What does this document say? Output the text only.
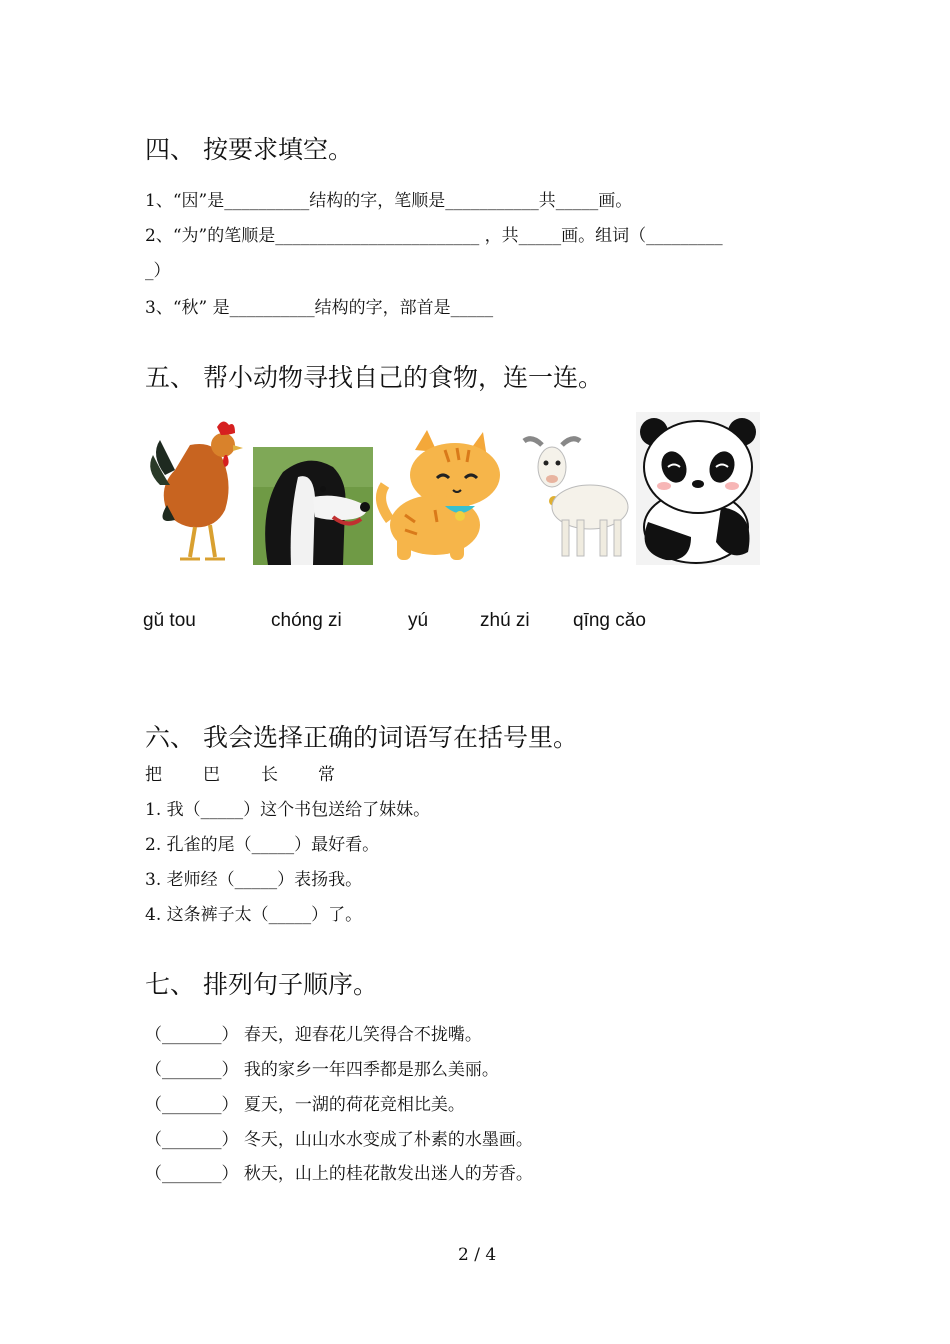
四、 按要求填空。
1、“因”是__________结构的字，笔顺是___________共_____画。
2、“为”的笔顺是________________________ ，共_____画。组词（_________
_）
3、“秋” 是__________结构的字，部首是_____
五、 帮小动物寻找自己的食物，连一连。
gǔ tou	chóng zi	yú	zhú zi qīng cǎo
六、 我会选择正确的词语写在括号里。
把 巴 长 常
1. 我（_____）这个书包送给了妹妹。
2. 孔雀的尾（_____）最好看。
3. 老师经（_____）表扬我。
4. 这条裤子太（_____）了。
七、 排列句子顺序。
（_______） 春天，迎春花儿笑得合不拢嘴。
（_______） 我的家乡一年四季都是那么美丽。
（_______） 夏天，一湖的荷花竞相比美。
（_______） 冬天，山山水水变成了朴素的水墨画。
（_______） 秋天，山上的桂花散发出迷人的芳香。
2 / 4
